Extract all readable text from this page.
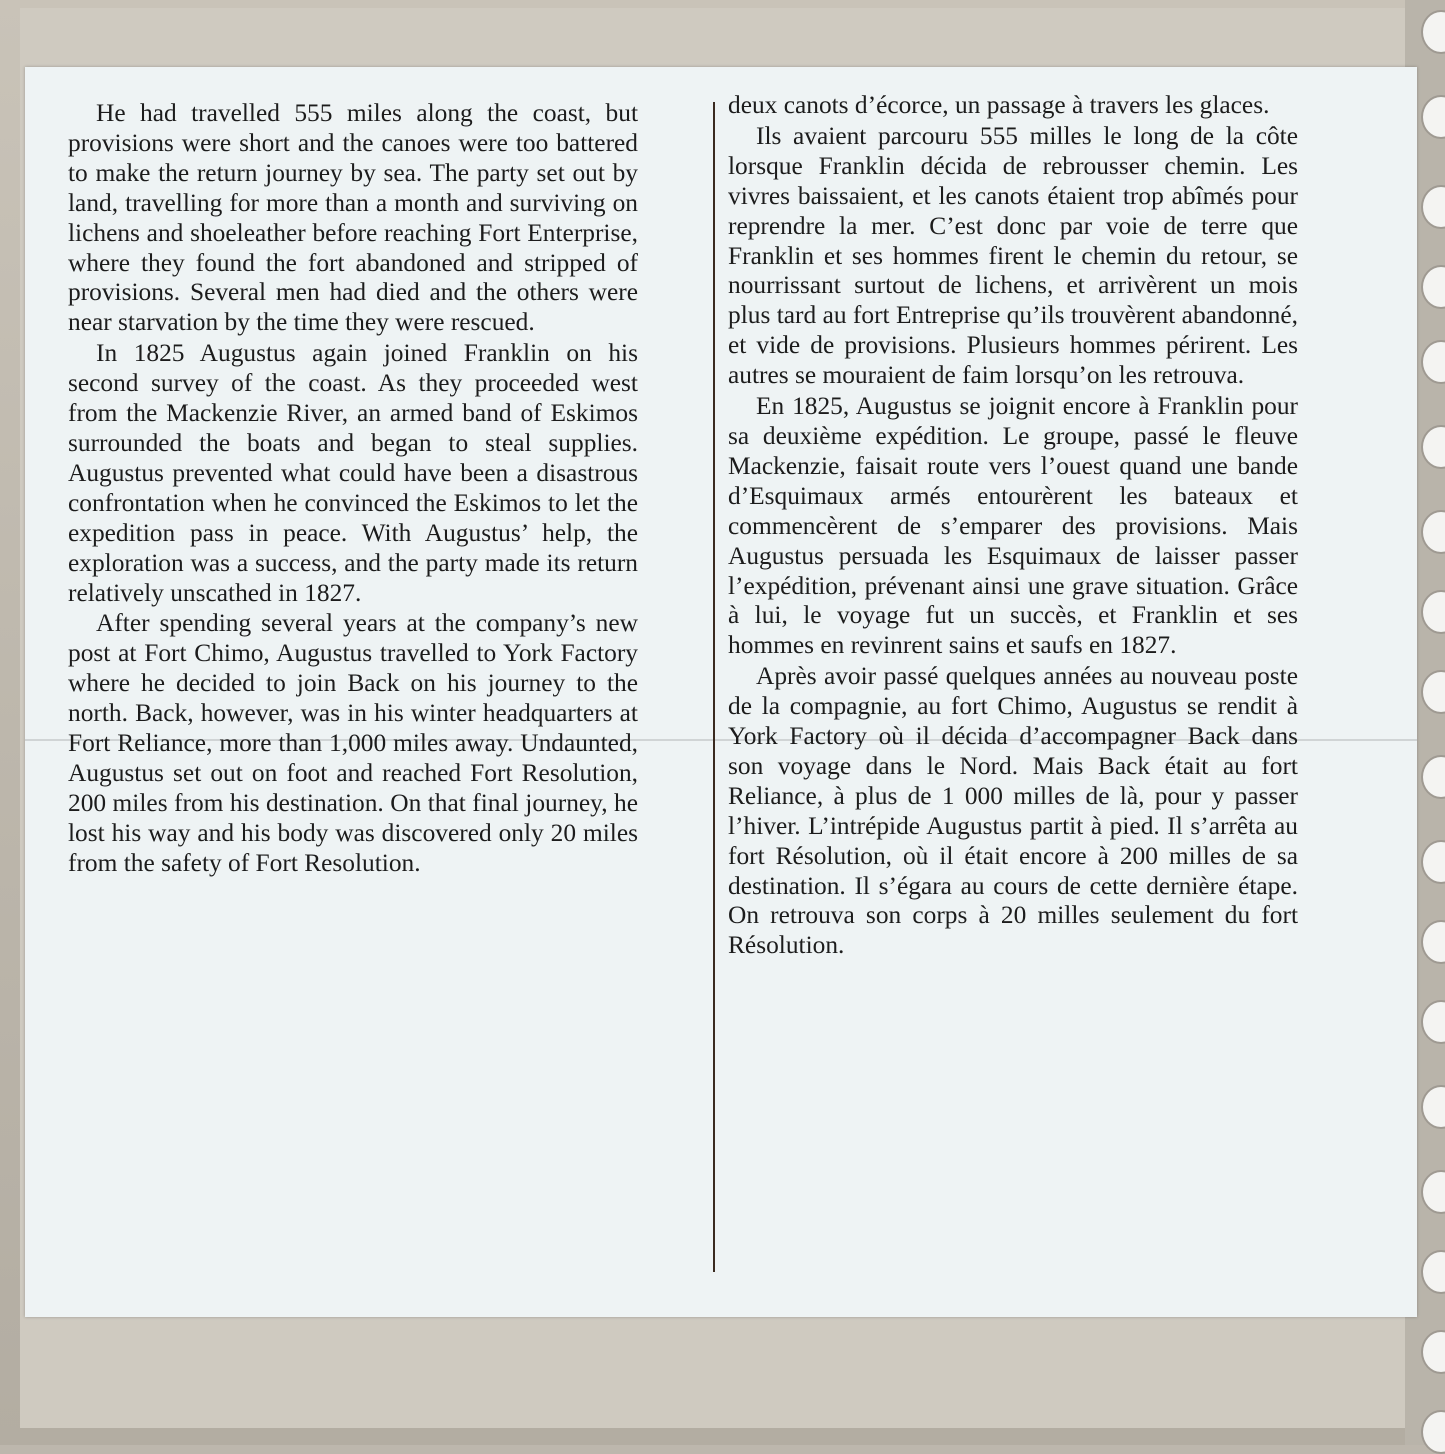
He had travelled 555 miles along the coast, but provisions were short and the canoes were too battered to make the return journey by sea. The party set out by land, travelling for more than a month and surviving on lichens and shoeleather before reaching Fort Enterprise, where they found the fort abandoned and stripped of provisions. Several men had died and the others were near starvation by the time they were rescued.

In 1825 Augustus again joined Franklin on his second survey of the coast. As they proceeded west from the Mackenzie River, an armed band of Eskimos surrounded the boats and began to steal supplies. Augustus prevented what could have been a disastrous confrontation when he convinced the Eskimos to let the expedition pass in peace. With Augustus’ help, the exploration was a success, and the party made its return relatively unscathed in 1827.

After spending several years at the company’s new post at Fort Chimo, Augustus travelled to York Factory where he decided to join Back on his journey to the north. Back, however, was in his winter headquarters at Fort Reliance, more than 1,000 miles away. Undaunted, Augustus set out on foot and reached Fort Resolution, 200 miles from his destination. On that final journey, he lost his way and his body was discovered only 20 miles from the safety of Fort Resolution.

deux canots d’écorce, un passage à travers les glaces.

Ils avaient parcouru 555 milles le long de la côte lorsque Franklin décida de rebrousser chemin. Les vivres baissaient, et les canots étaient trop abîmés pour reprendre la mer. C’est donc par voie de terre que Franklin et ses hommes firent le chemin du retour, se nourrissant surtout de lichens, et arrivèrent un mois plus tard au fort Entreprise qu’ils trouvèrent abandonné, et vide de provisions. Plusieurs hommes périrent. Les autres se mouraient de faim lorsqu’on les retrouva.

En 1825, Augustus se joignit encore à Franklin pour sa deuxième expédition. Le groupe, passé le fleuve Mackenzie, faisait route vers l’ouest quand une bande d’Esquimaux armés entourèrent les bateaux et commencèrent de s’emparer des provisions. Mais Augustus persuada les Esquimaux de laisser passer l’expédition, prévenant ainsi une grave situation. Grâce à lui, le voyage fut un succès, et Franklin et ses hommes en revinrent sains et saufs en 1827.

Après avoir passé quelques années au nouveau poste de la compagnie, au fort Chimo, Augustus se rendit à York Factory où il décida d’accompagner Back dans son voyage dans le Nord. Mais Back était au fort Reliance, à plus de 1 000 milles de là, pour y passer l’hiver. L’intrépide Augustus partit à pied. Il s’arrêta au fort Résolution, où il était encore à 200 milles de sa destination. Il s’égara au cours de cette dernière étape. On retrouva son corps à 20 milles seulement du fort Résolution.
